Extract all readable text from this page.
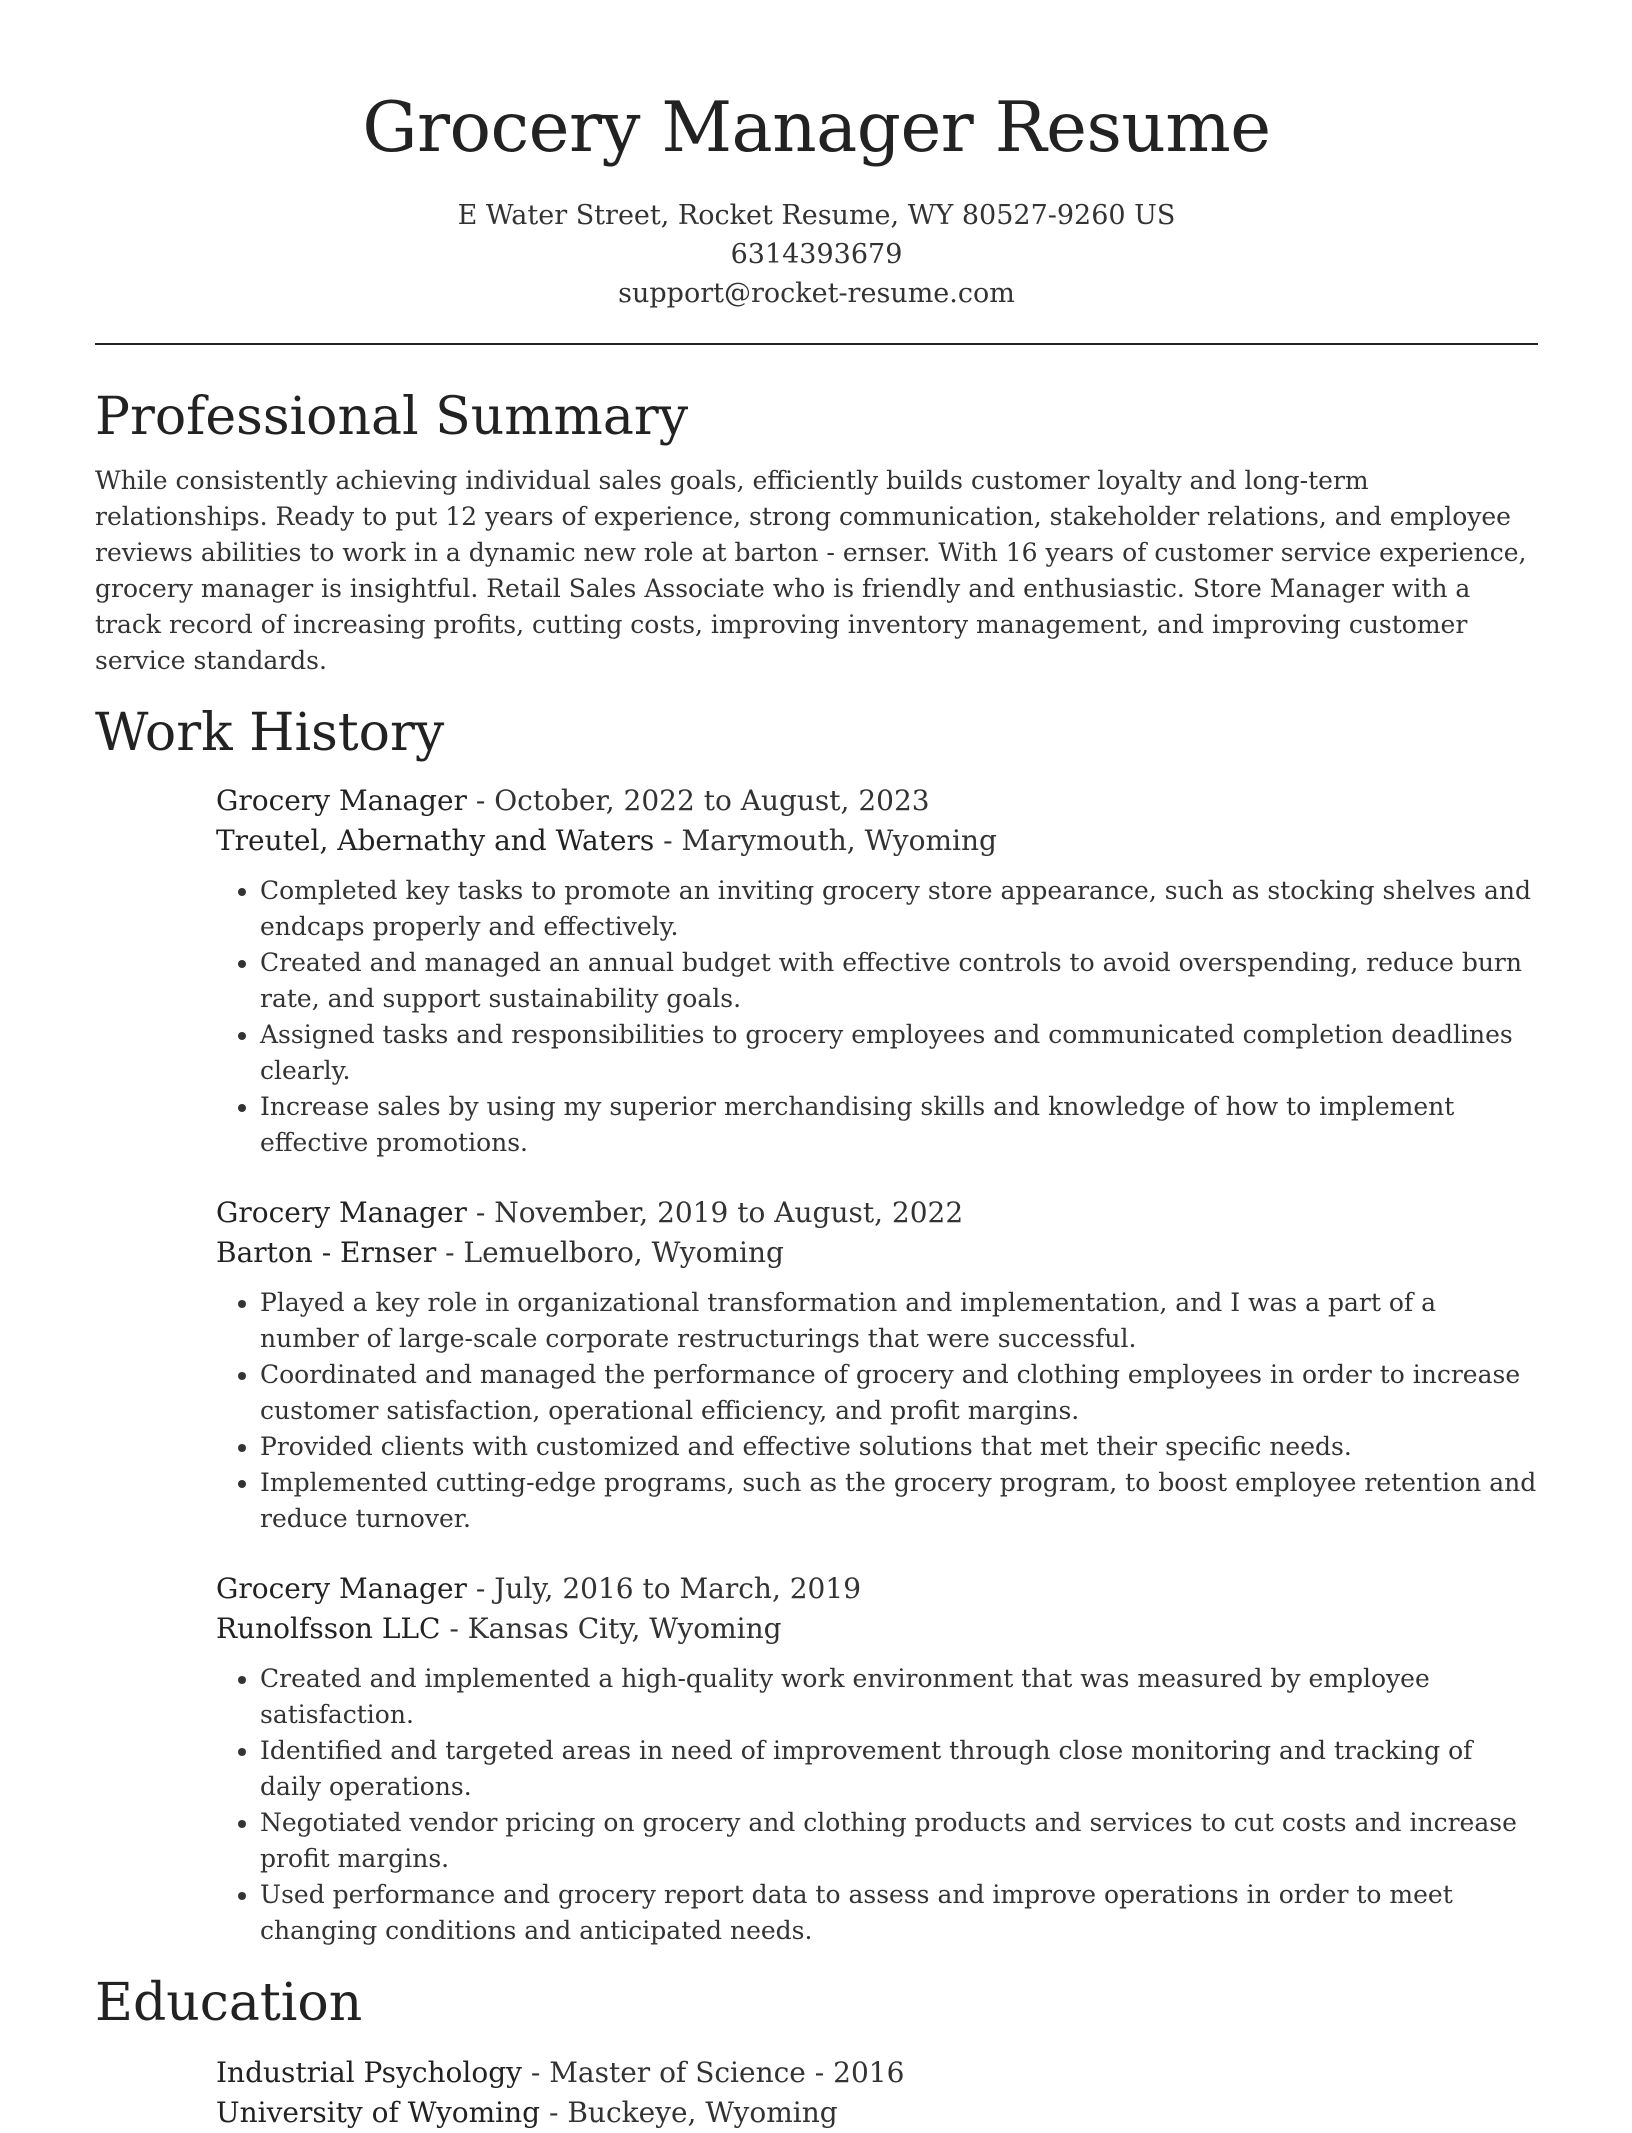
Grocery Manager Resume
E Water Street, Rocket Resume, WY 80527-9260 US
6314393679
support@rocket-resume.com
Professional Summary

While consistently achieving individual sales goals, efficiently builds customer loyalty and long-term relationships. Ready to put 12 years of experience, strong communication, stakeholder relations, and employee reviews abilities to work in a dynamic new role at barton - ernser. With 16 years of customer service experience, grocery manager is insightful. Retail Sales Associate who is friendly and enthusiastic. Store Manager with a track record of increasing profits, cutting costs, improving inventory management, and improving customer service standards.

Work History
Grocery Manager - October, 2022 to August, 2023
Treutel, Abernathy and Waters - Marymouth, Wyoming
• Completed key tasks to promote an inviting grocery store appearance, such as stocking shelves and endcaps properly and effectively.
• Created and managed an annual budget with effective controls to avoid overspending, reduce burn rate, and support sustainability goals.
• Assigned tasks and responsibilities to grocery employees and communicated completion deadlines clearly.
• Increase sales by using my superior merchandising skills and knowledge of how to implement effective promotions.
Grocery Manager - November, 2019 to August, 2022
Barton - Ernser - Lemuelboro, Wyoming
• Played a key role in organizational transformation and implementation, and I was a part of a number of large-scale corporate restructurings that were successful.
• Coordinated and managed the performance of grocery and clothing employees in order to increase customer satisfaction, operational efficiency, and profit margins.
• Provided clients with customized and effective solutions that met their specific needs.
• Implemented cutting-edge programs, such as the grocery program, to boost employee retention and reduce turnover.
Grocery Manager - July, 2016 to March, 2019
Runolfsson LLC - Kansas City, Wyoming
• Created and implemented a high-quality work environment that was measured by employee satisfaction.
• Identified and targeted areas in need of improvement through close monitoring and tracking of daily operations.
• Negotiated vendor pricing on grocery and clothing products and services to cut costs and increase profit margins.
• Used performance and grocery report data to assess and improve operations in order to meet changing conditions and anticipated needs.
Education
Industrial Psychology - Master of Science - 2016
University of Wyoming - Buckeye, Wyoming
